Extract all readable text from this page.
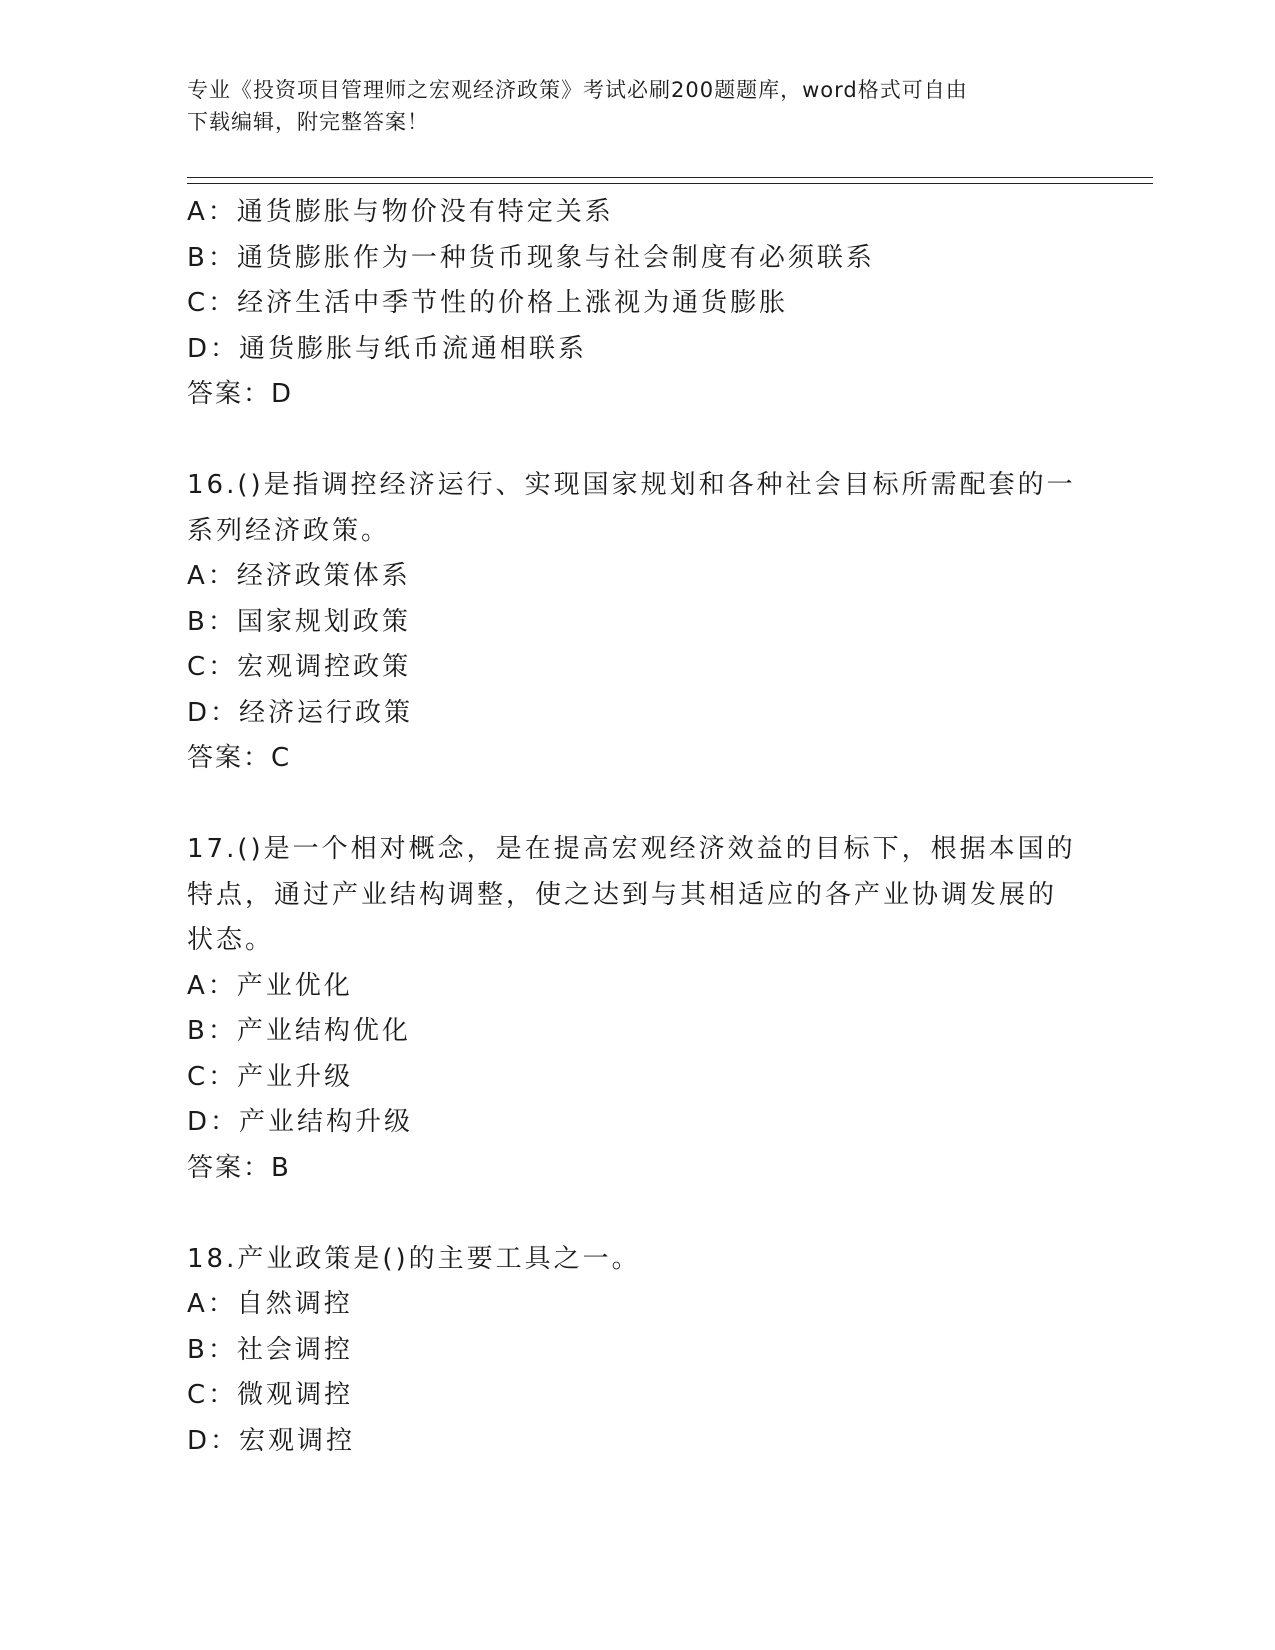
专业《投资项目管理师之宏观经济政策》考试必刷200题题库，word格式可自由
下载编辑，附完整答案！
A：通货膨胀与物价没有特定关系
B：通货膨胀作为一种货币现象与社会制度有必须联系
C：经济生活中季节性的价格上涨视为通货膨胀
D：通货膨胀与纸币流通相联系
答案：D
16.()是指调控经济运行、实现国家规划和各种社会目标所需配套的一
系列经济政策。
A：经济政策体系
B：国家规划政策
C：宏观调控政策
D：经济运行政策
答案：C
17.()是一个相对概念，是在提高宏观经济效益的目标下，根据本国的
特点，通过产业结构调整，使之达到与其相适应的各产业协调发展的
状态。
A：产业优化
B：产业结构优化
C：产业升级
D：产业结构升级
答案：B
18.产业政策是()的主要工具之一。
A：自然调控
B：社会调控
C：微观调控
D：宏观调控
